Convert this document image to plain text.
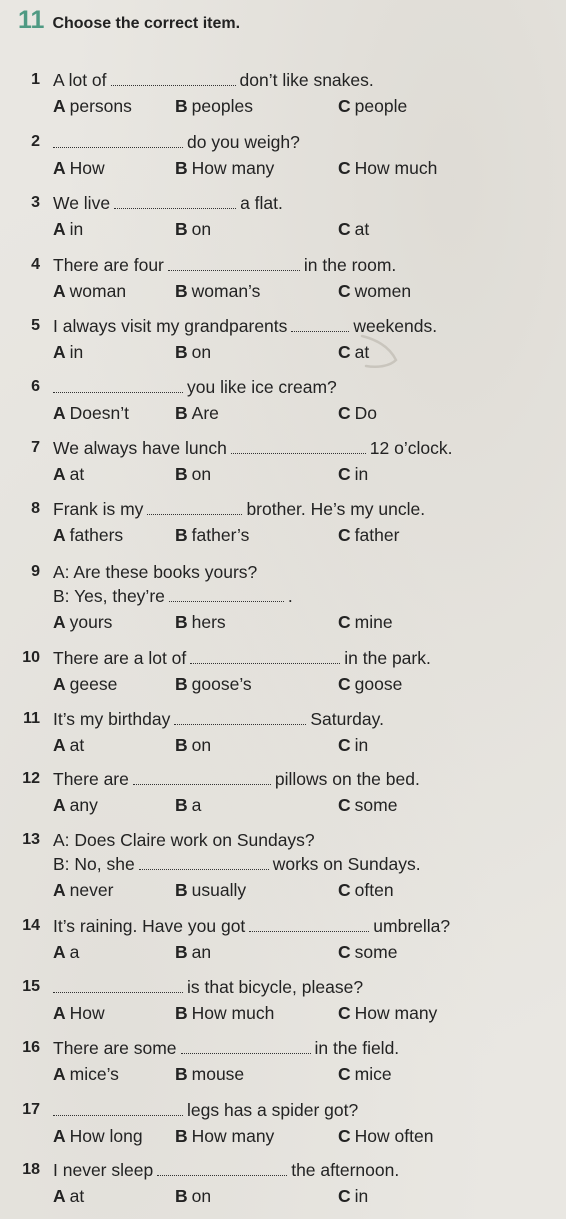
11 Choose the correct item.
1 A lot of	don’t like snakes.
A persons B peoples	C people
2	do you weigh?
A How	B How many	C How much
3 We live	a flat.
A in	B on	C at
4 There are four	in the room.
A woman	B woman’s	C women
5 I always visit my grandparents	weekends.
A in	B on	C at
6	you like ice cream?
A Doesn’t	B Are	C Do
7 We always have lunch	12 o’clock.
A at	B on	C in
8 Frank is my	brother. He’s my uncle.
A fathers	B father’s	C father
9 A: Are these books yours?
B: Yes, they’re	.
A yours	B hers	C mine
10 There are a lot of	in the park.
A geese	B goose’s	C goose
11 It’s my birthday	Saturday.
A at	B on	C in
12 There are	pillows on the bed.
A any	B a	C some
13 A: Does Claire work on Sundays?
B: No, she	works on Sundays.
A never	B usually	C often
14 It’s raining. Have you got	umbrella?
A a	B an	C some
15	is that bicycle, please?
A How	B How much	C How many
16 There are some	in the field.
A mice’s	B mouse	C mice
17	legs has a spider got?
A How long B How many	C How often
18 I never sleep	the afternoon.
A at	B on	C in
